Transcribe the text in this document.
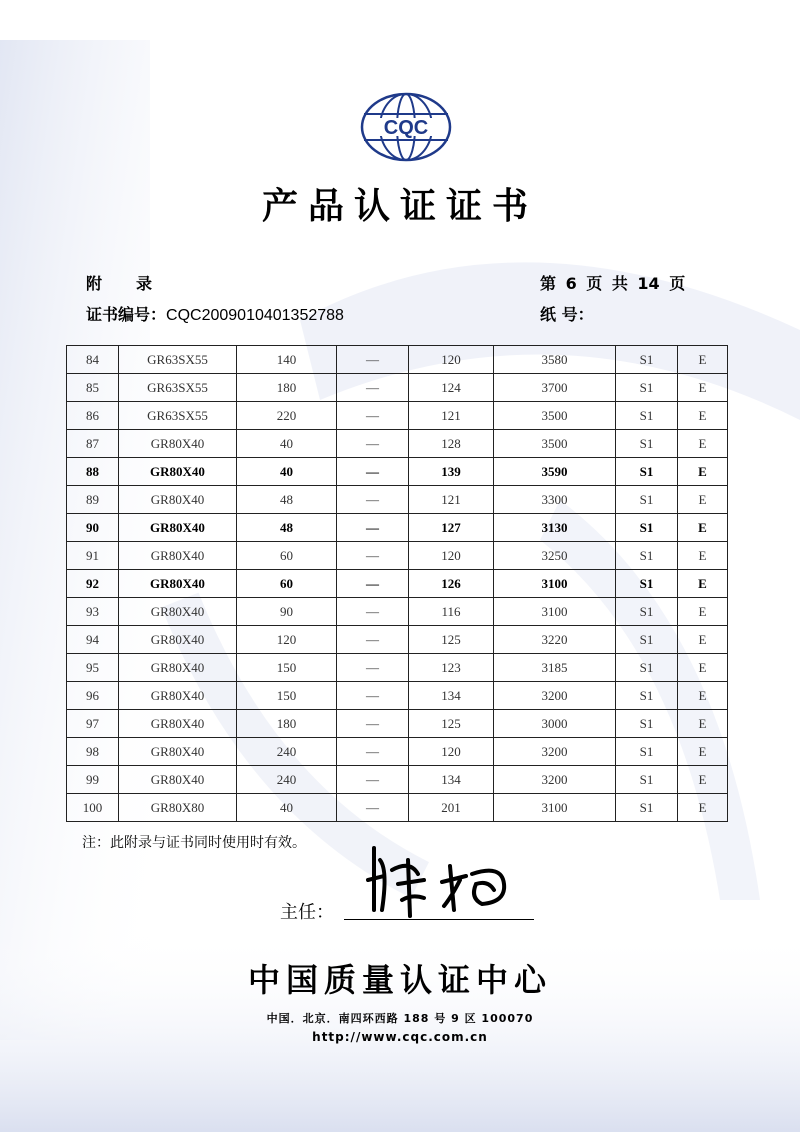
CQC
产品认证证书
附 录	第 6 页 共 14 页
证书编号：CQC2009010401352788	纸 号：
84	GR63SX55	140	—	120	3580	S1	E
85	GR63SX55	180	—	124	3700	S1	E
86	GR63SX55	220	—	121	3500	S1	E
87	GR80X40	40	—	128	3500	S1	E
88	GR80X40	40	—	139	3590	S1	E
89	GR80X40	48	—	121	3300	S1	E
90	GR80X40	48	—	127	3130	S1	E
91	GR80X40	60	—	120	3250	S1	E
92	GR80X40	60	—	126	3100	S1	E
93	GR80X40	90	—	116	3100	S1	E
94	GR80X40	120	—	125	3220	S1	E
95	GR80X40	150	—	123	3185	S1	E
96	GR80X40	150	—	134	3200	S1	E
97	GR80X40	180	—	125	3000	S1	E
98	GR80X40	240	—	120	3200	S1	E
99	GR80X40	240	—	134	3200	S1	E
100	GR80X80	40	—	201	3100	S1	E
注：此附录与证书同时使用时有效。
主任：
中国质量认证中心
中国．北京．南四环西路 188 号 9 区 100070
http://www.cqc.com.cn
